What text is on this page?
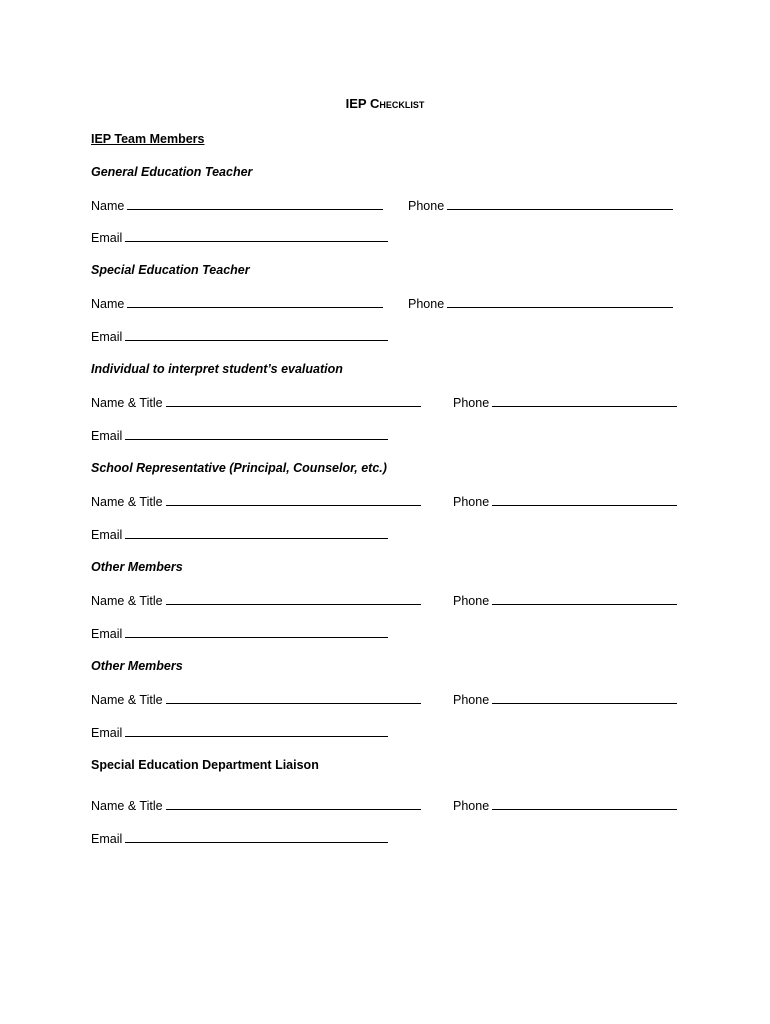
IEP Checklist
IEP Team Members
General Education Teacher
Name	Phone
Email
Special Education Teacher
Name	Phone
Email
Individual to interpret student’s evaluation
Name & Title	Phone
Email
School Representative (Principal, Counselor, etc.)
Name & Title	Phone
Email
Other Members
Name & Title	Phone
Email
Other Members
Name & Title	Phone
Email
Special Education Department Liaison
Name & Title	Phone
Email
